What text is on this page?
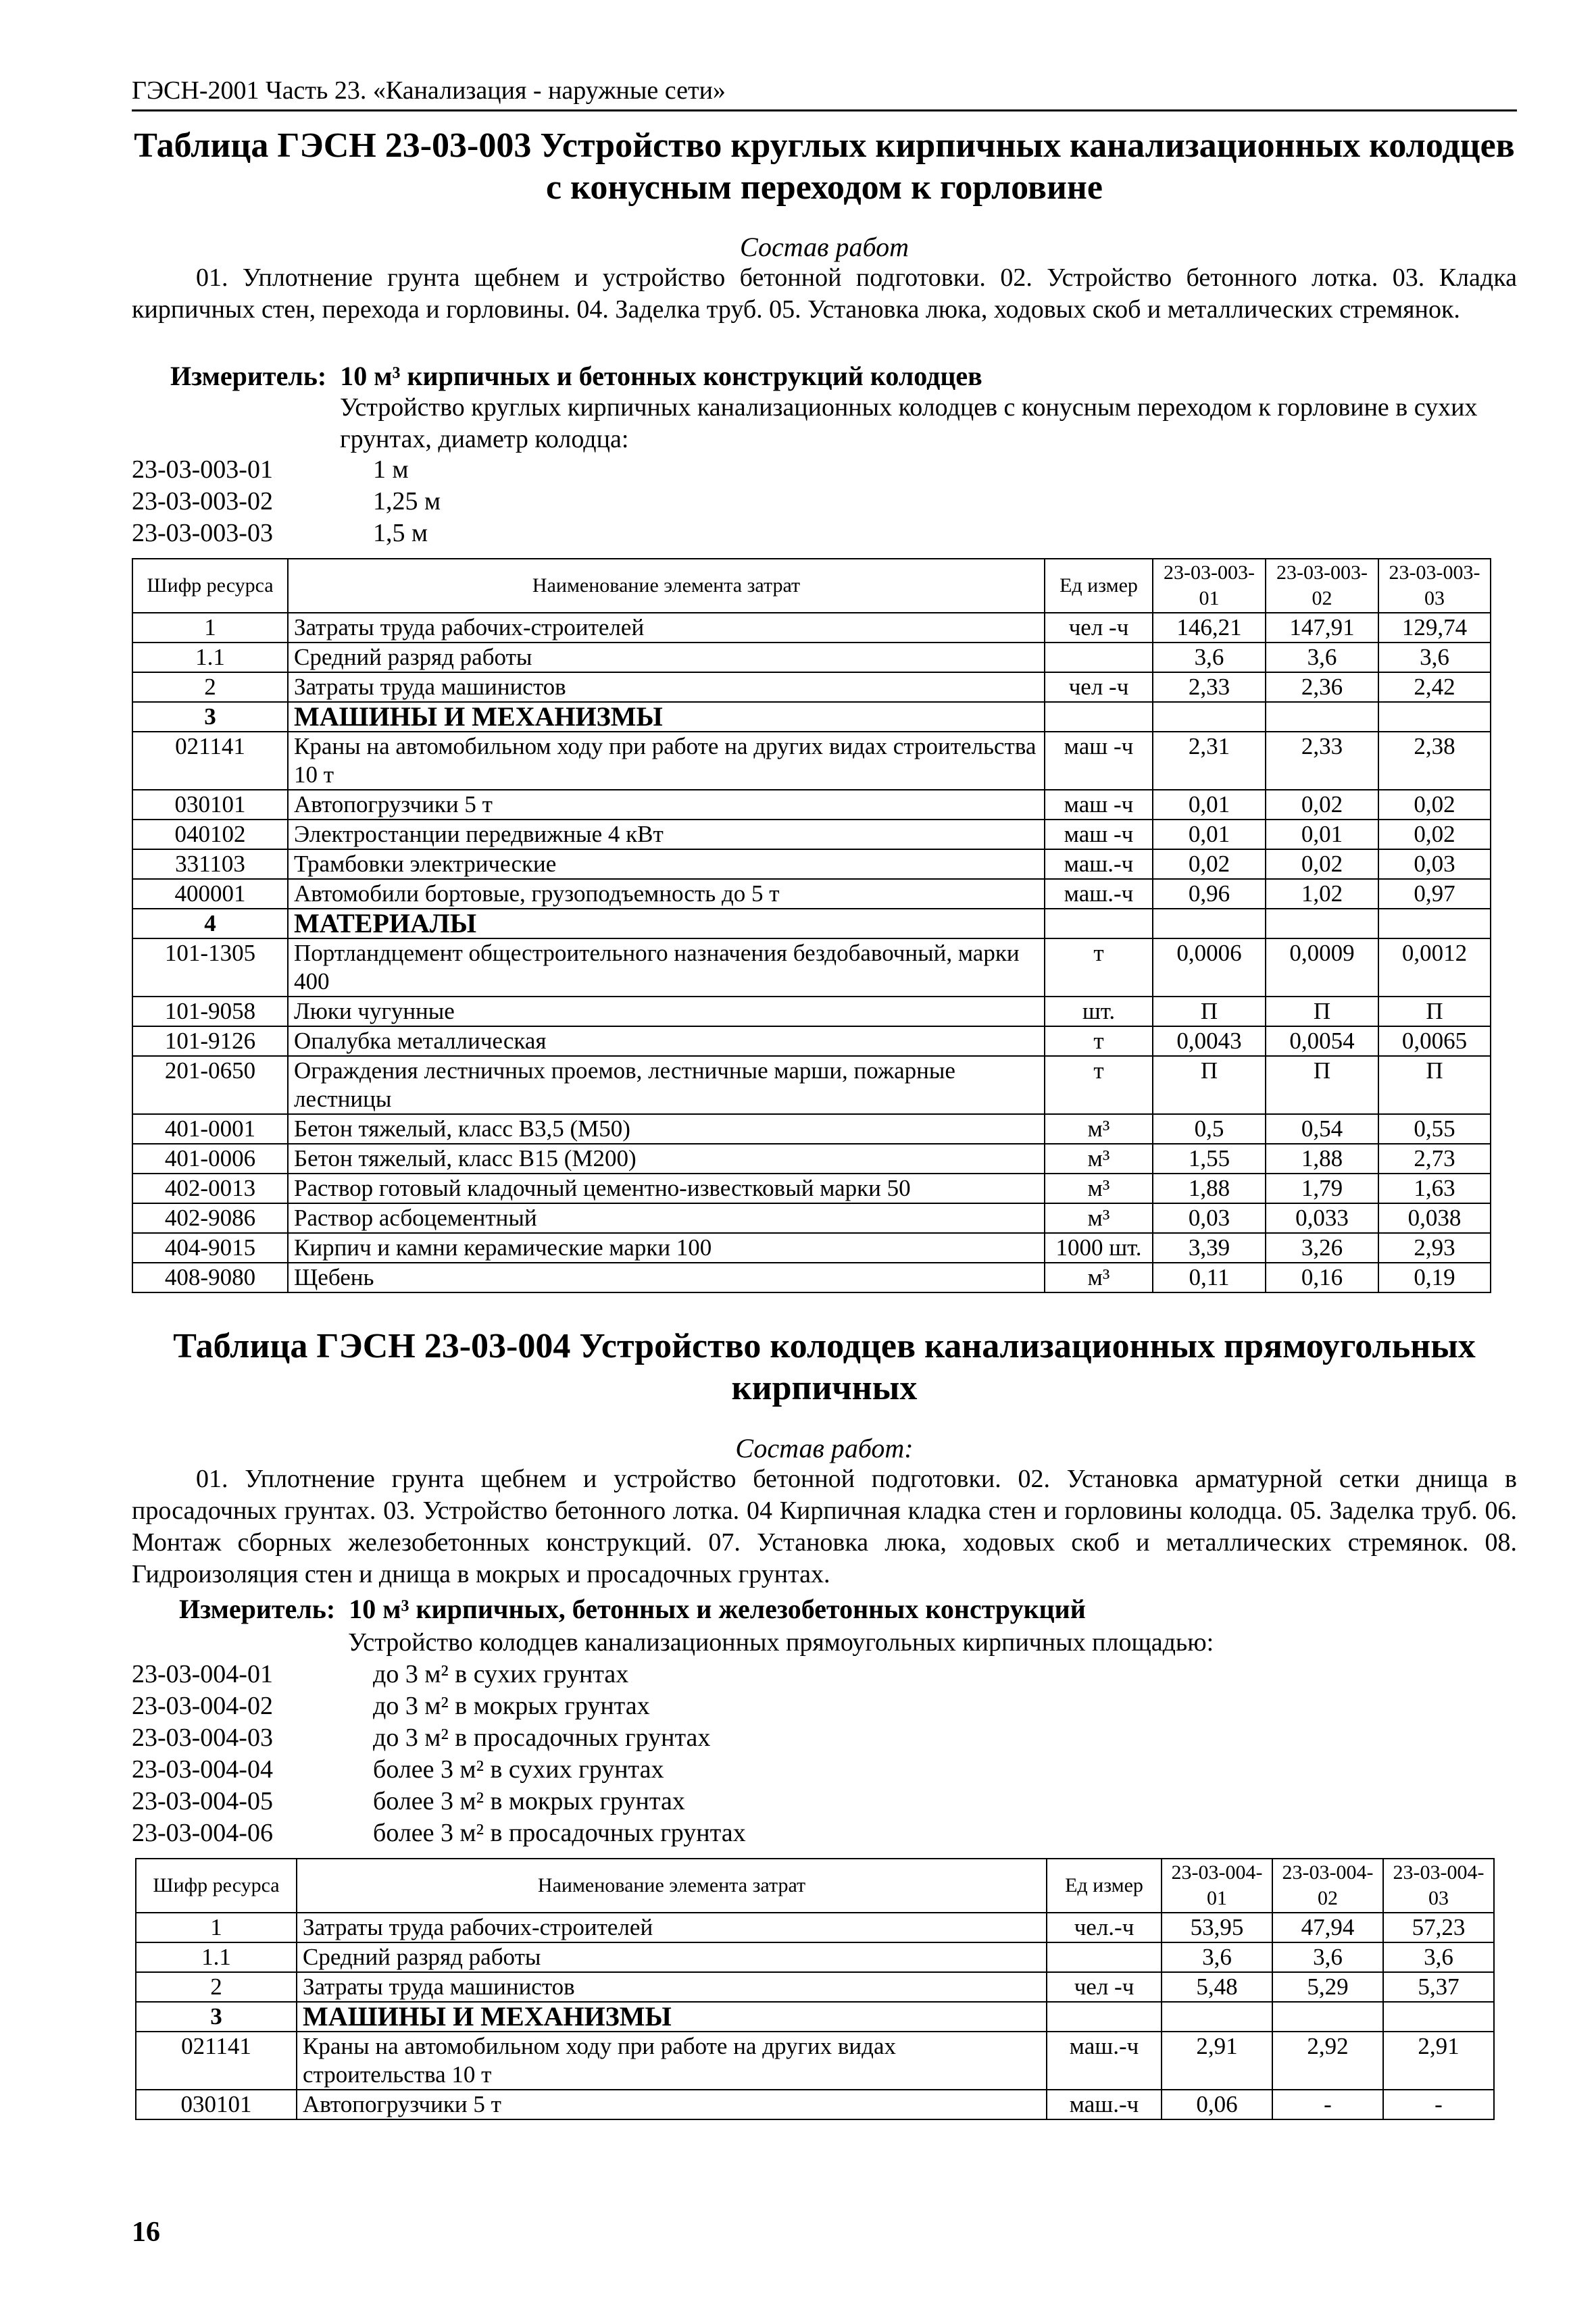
ГЭСН-2001 Часть 23. «Канализация - наружные сети»
Таблица ГЭСН 23-03-003 Устройство круглых кирпичных канализационных колодцев с конусным переходом к горловине
Состав работ
01. Уплотнение грунта щебнем и устройство бетонной подготовки. 02. Устройство бетонного лотка. 03. Кладка кирпичных стен, перехода и горловины. 04. Заделка труб. 05. Установка люка, ходовых скоб и металлических стремянок.
Измеритель: 10 м³ кирпичных и бетонных конструкций колодцев
Устройство круглых кирпичных канализационных колодцев с конусным переходом к горловине в сухих грунтах, диаметр колодца:
23-03-003-01	1 м
23-03-003-02	1,25 м
23-03-003-03	1,5 м
Шифр ресурса	Наименование элемента затрат	Ед измер	23-03-003-01	23-03-003-02	23-03-003-03
1	Затраты труда рабочих-строителей	чел -ч	146,21	147,91	129,74
1.1	Средний разряд работы		3,6	3,6	3,6
2	Затраты труда машинистов	чел -ч	2,33	2,36	2,42
3	МАШИНЫ И МЕХАНИЗМЫ				
021141	Краны на автомобильном ходу при работе на других видах строительства 10 т	маш -ч	2,31	2,33	2,38
030101	Автопогрузчики 5 т	маш -ч	0,01	0,02	0,02
040102	Электростанции передвижные 4 кВт	маш -ч	0,01	0,01	0,02
331103	Трамбовки электрические	маш.-ч	0,02	0,02	0,03
400001	Автомобили бортовые, грузоподъемность до 5 т	маш.-ч	0,96	1,02	0,97
4	МАТЕРИАЛЫ				
101-1305	Портландцемент общестроительного назначения бездобавочный, марки 400	т	0,0006	0,0009	0,0012
101-9058	Люки чугунные	шт.	П	П	П
101-9126	Опалубка металлическая	т	0,0043	0,0054	0,0065
201-0650	Ограждения лестничных проемов, лестничные марши, пожарные лестницы	т	П	П	П
401-0001	Бетон тяжелый, класс В3,5 (М50)	м³	0,5	0,54	0,55
401-0006	Бетон тяжелый, класс В15 (М200)	м³	1,55	1,88	2,73
402-0013	Раствор готовый кладочный цементно-известковый марки 50	м³	1,88	1,79	1,63
402-9086	Раствор асбоцементный	м³	0,03	0,033	0,038
404-9015	Кирпич и камни керамические марки 100	1000 шт.	3,39	3,26	2,93
408-9080	Щебень	м³	0,11	0,16	0,19
Таблица ГЭСН 23-03-004 Устройство колодцев канализационных прямоугольных кирпичных
Состав работ:
01. Уплотнение грунта щебнем и устройство бетонной подготовки. 02. Установка арматурной сетки днища в просадочных грунтах. 03. Устройство бетонного лотка. 04 Кирпичная кладка стен и горловины колодца. 05. Заделка труб. 06. Монтаж сборных железобетонных конструкций. 07. Установка люка, ходовых скоб и металлических стремянок. 08. Гидроизоляция стен и днища в мокрых и просадочных грунтах.
Измеритель: 10 м³ кирпичных, бетонных и железобетонных конструкций
Устройство колодцев канализационных прямоугольных кирпичных площадью:
23-03-004-01	до 3 м² в сухих грунтах
23-03-004-02	до 3 м² в мокрых грунтах
23-03-004-03	до 3 м² в просадочных грунтах
23-03-004-04	более 3 м² в сухих грунтах
23-03-004-05	более 3 м² в мокрых грунтах
23-03-004-06	более 3 м² в просадочных грунтах
Шифр ресурса	Наименование элемента затрат	Ед измер	23-03-004-01	23-03-004-02	23-03-004-03
1	Затраты труда рабочих-строителей	чел.-ч	53,95	47,94	57,23
1.1	Средний разряд работы		3,6	3,6	3,6
2	Затраты труда машинистов	чел -ч	5,48	5,29	5,37
3	МАШИНЫ И МЕХАНИЗМЫ				
021141	Краны на автомобильном ходу при работе на других видах строительства 10 т	маш.-ч	2,91	2,92	2,91
030101	Автопогрузчики 5 т	маш.-ч	0,06	-	-
16
